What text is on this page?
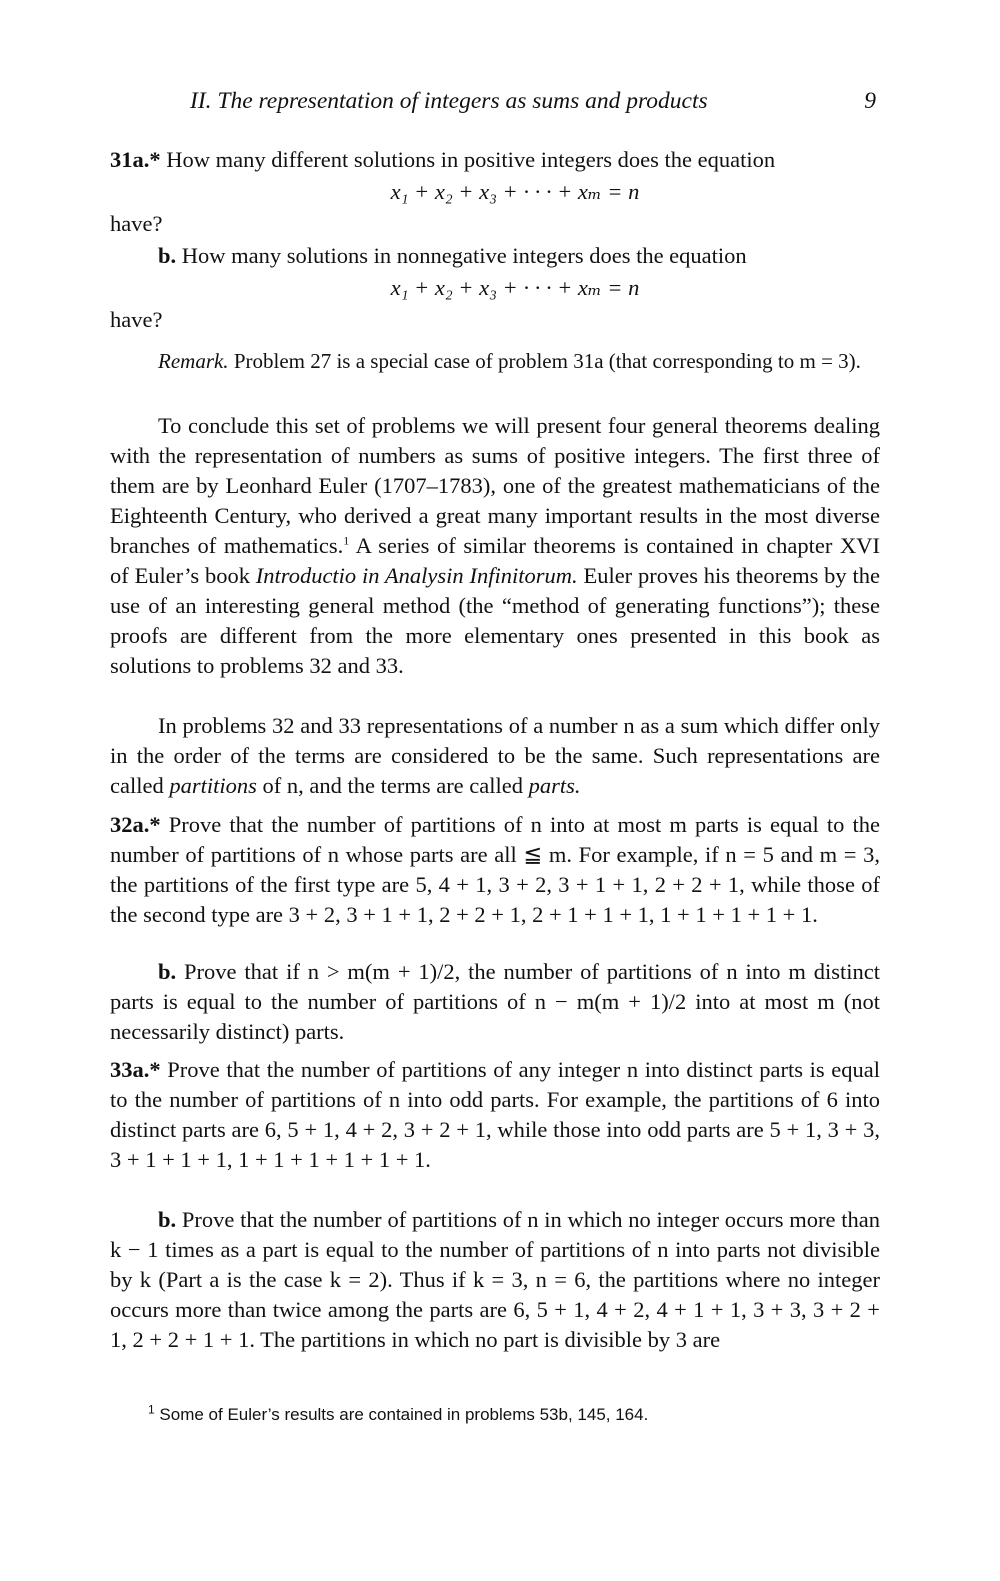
II. The representation of integers as sums and products	9

31a.* How many different solutions in positive integers does the equation

x₁ + x₂ + x₃ + · · · + xₘ = n

have?

b. How many solutions in nonnegative integers does the equation

x₁ + x₂ + x₃ + · · · + xₘ = n

have?

Remark. Problem 27 is a special case of problem 31a (that corresponding to m = 3).

To conclude this set of problems we will present four general theorems dealing with the representation of numbers as sums of positive integers. The first three of them are by Leonhard Euler (1707–1783), one of the greatest mathematicians of the Eighteenth Century, who derived a great many important results in the most diverse branches of mathematics.$^1$ A series of similar theorems is contained in chapter XVI of Euler’s book Introductio in Analysin Infinitorum. Euler proves his theorems by the use of an interesting general method (the “method of generating functions”); these proofs are different from the more elementary ones presented in this book as solutions to problems 32 and 33.

In problems 32 and 33 representations of a number n as a sum which differ only in the order of the terms are considered to be the same. Such representations are called partitions of n, and the terms are called parts.

32a.* Prove that the number of partitions of n into at most m parts is equal to the number of partitions of n whose parts are all ≦ m. For example, if n = 5 and m = 3, the partitions of the first type are 5, 4 + 1, 3 + 2, 3 + 1 + 1, 2 + 2 + 1, while those of the second type are 3 + 2, 3 + 1 + 1, 2 + 2 + 1, 2 + 1 + 1 + 1, 1 + 1 + 1 + 1 + 1.

b. Prove that if n > m(m + 1)/2, the number of partitions of n into m distinct parts is equal to the number of partitions of n − m(m + 1)/2 into at most m (not necessarily distinct) parts.

33a.* Prove that the number of partitions of any integer n into distinct parts is equal to the number of partitions of n into odd parts. For example, the partitions of 6 into distinct parts are 6, 5 + 1, 4 + 2, 3 + 2 + 1, while those into odd parts are 5 + 1, 3 + 3, 3 + 1 + 1 + 1, 1 + 1 + 1 + 1 + 1 + 1.

b. Prove that the number of partitions of n in which no integer occurs more than k − 1 times as a part is equal to the number of partitions of n into parts not divisible by k (Part a is the case k = 2). Thus if k = 3, n = 6, the partitions where no integer occurs more than twice among the parts are 6, 5 + 1, 4 + 2, 4 + 1 + 1, 3 + 3, 3 + 2 + 1, 2 + 2 + 1 + 1. The partitions in which no part is divisible by 3 are

$^1$ Some of Euler’s results are contained in problems 53b, 145, 164.
